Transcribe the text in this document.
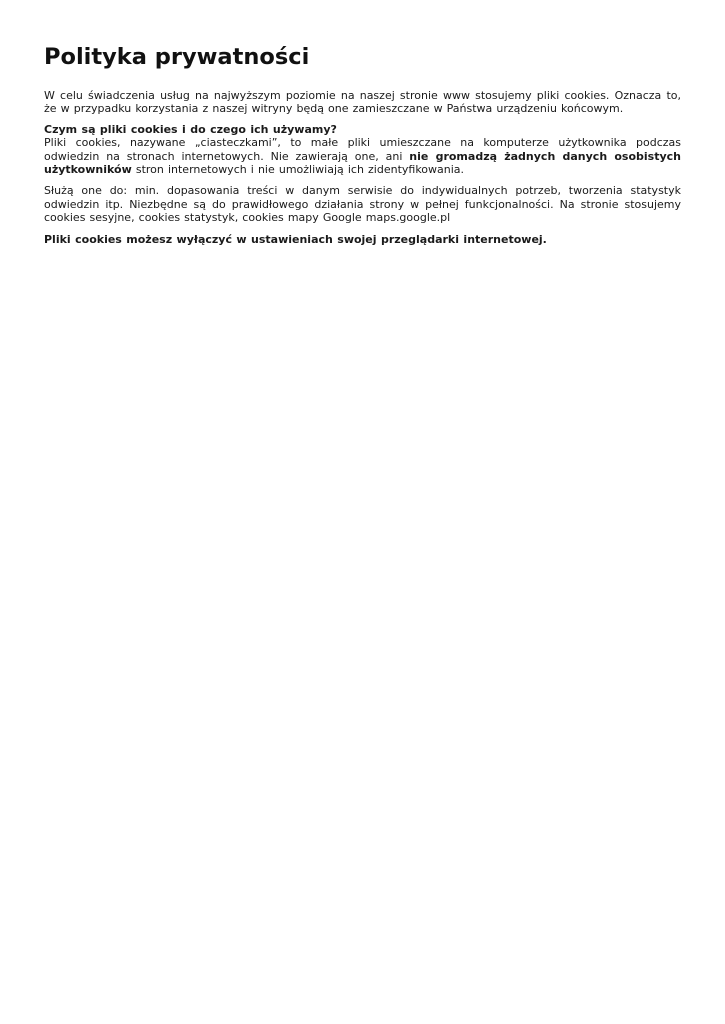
Polityka prywatności

W celu świadczenia usług na najwyższym poziomie na naszej stronie www stosujemy pliki cookies. Oznacza to, że w przypadku korzystania z naszej witryny będą one zamieszczane w Państwa urządzeniu końcowym.

Czym są pliki cookies i do czego ich używamy?

Pliki cookies, nazywane „ciasteczkami”, to małe pliki umieszczane na komputerze użytkownika podczas odwiedzin na stronach internetowych. Nie zawierają one, ani nie gromadzą żadnych danych osobistych użytkowników stron internetowych i nie umożliwiają ich zidentyfikowania.

Służą one do: min. dopasowania treści w danym serwisie do indywidualnych potrzeb, tworzenia statystyk odwiedzin itp. Niezbędne są do prawidłowego działania strony w pełnej funkcjonalności. Na stronie stosujemy cookies sesyjne, cookies statystyk, cookies mapy Google maps.google.pl

Pliki cookies możesz wyłączyć w ustawieniach swojej przeglądarki internetowej.
